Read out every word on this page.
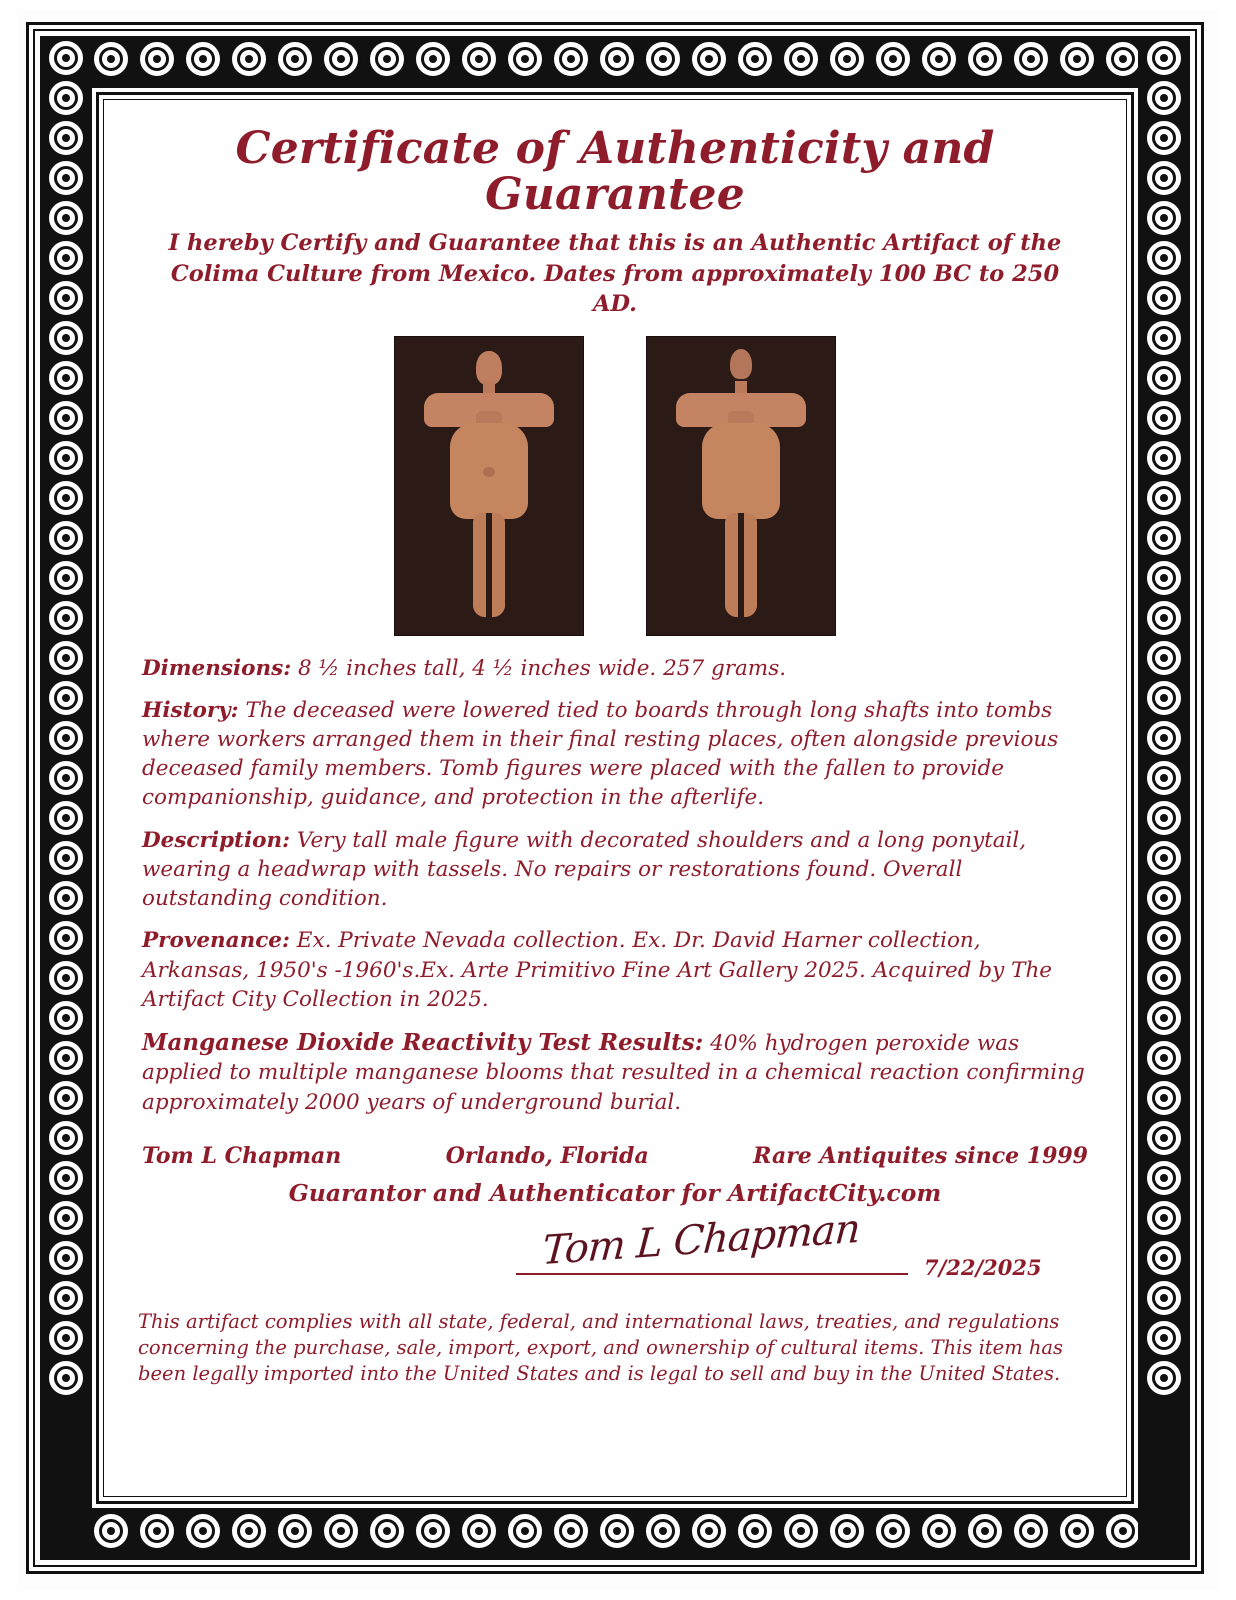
Certificate of Authenticity and Guarantee

I hereby Certify and Guarantee that this is an Authentic Artifact of the Colima Culture from Mexico. Dates from approximately 100 BC to 250 AD.

Dimensions: 8 ½ inches tall, 4 ½ inches wide. 257 grams.

History: The deceased were lowered tied to boards through long shafts into tombs where workers arranged them in their final resting places, often alongside previous deceased family members. Tomb figures were placed with the fallen to provide companionship, guidance, and protection in the afterlife.

Description: Very tall male figure with decorated shoulders and a long ponytail, wearing a headwrap with tassels. No repairs or restorations found. Overall outstanding condition.

Provenance: Ex. Private Nevada collection. Ex. Dr. David Harner collection, Arkansas, 1950's -1960's.Ex. Arte Primitivo Fine Art Gallery 2025. Acquired by The Artifact City Collection in 2025.

Manganese Dioxide Reactivity Test Results: 40% hydrogen peroxide was applied to multiple manganese blooms that resulted in a chemical reaction confirming approximately 2000 years of underground burial.

Tom L Chapman	Orlando, Florida	Rare Antiquites since 1999
Guarantor and Authenticator for ArtifactCity.com
Tom L Chapman	7/22/2025

This artifact complies with all state, federal, and international laws, treaties, and regulations concerning the purchase, sale, import, export, and ownership of cultural items. This item has been legally imported into the United States and is legal to sell and buy in the United States.
